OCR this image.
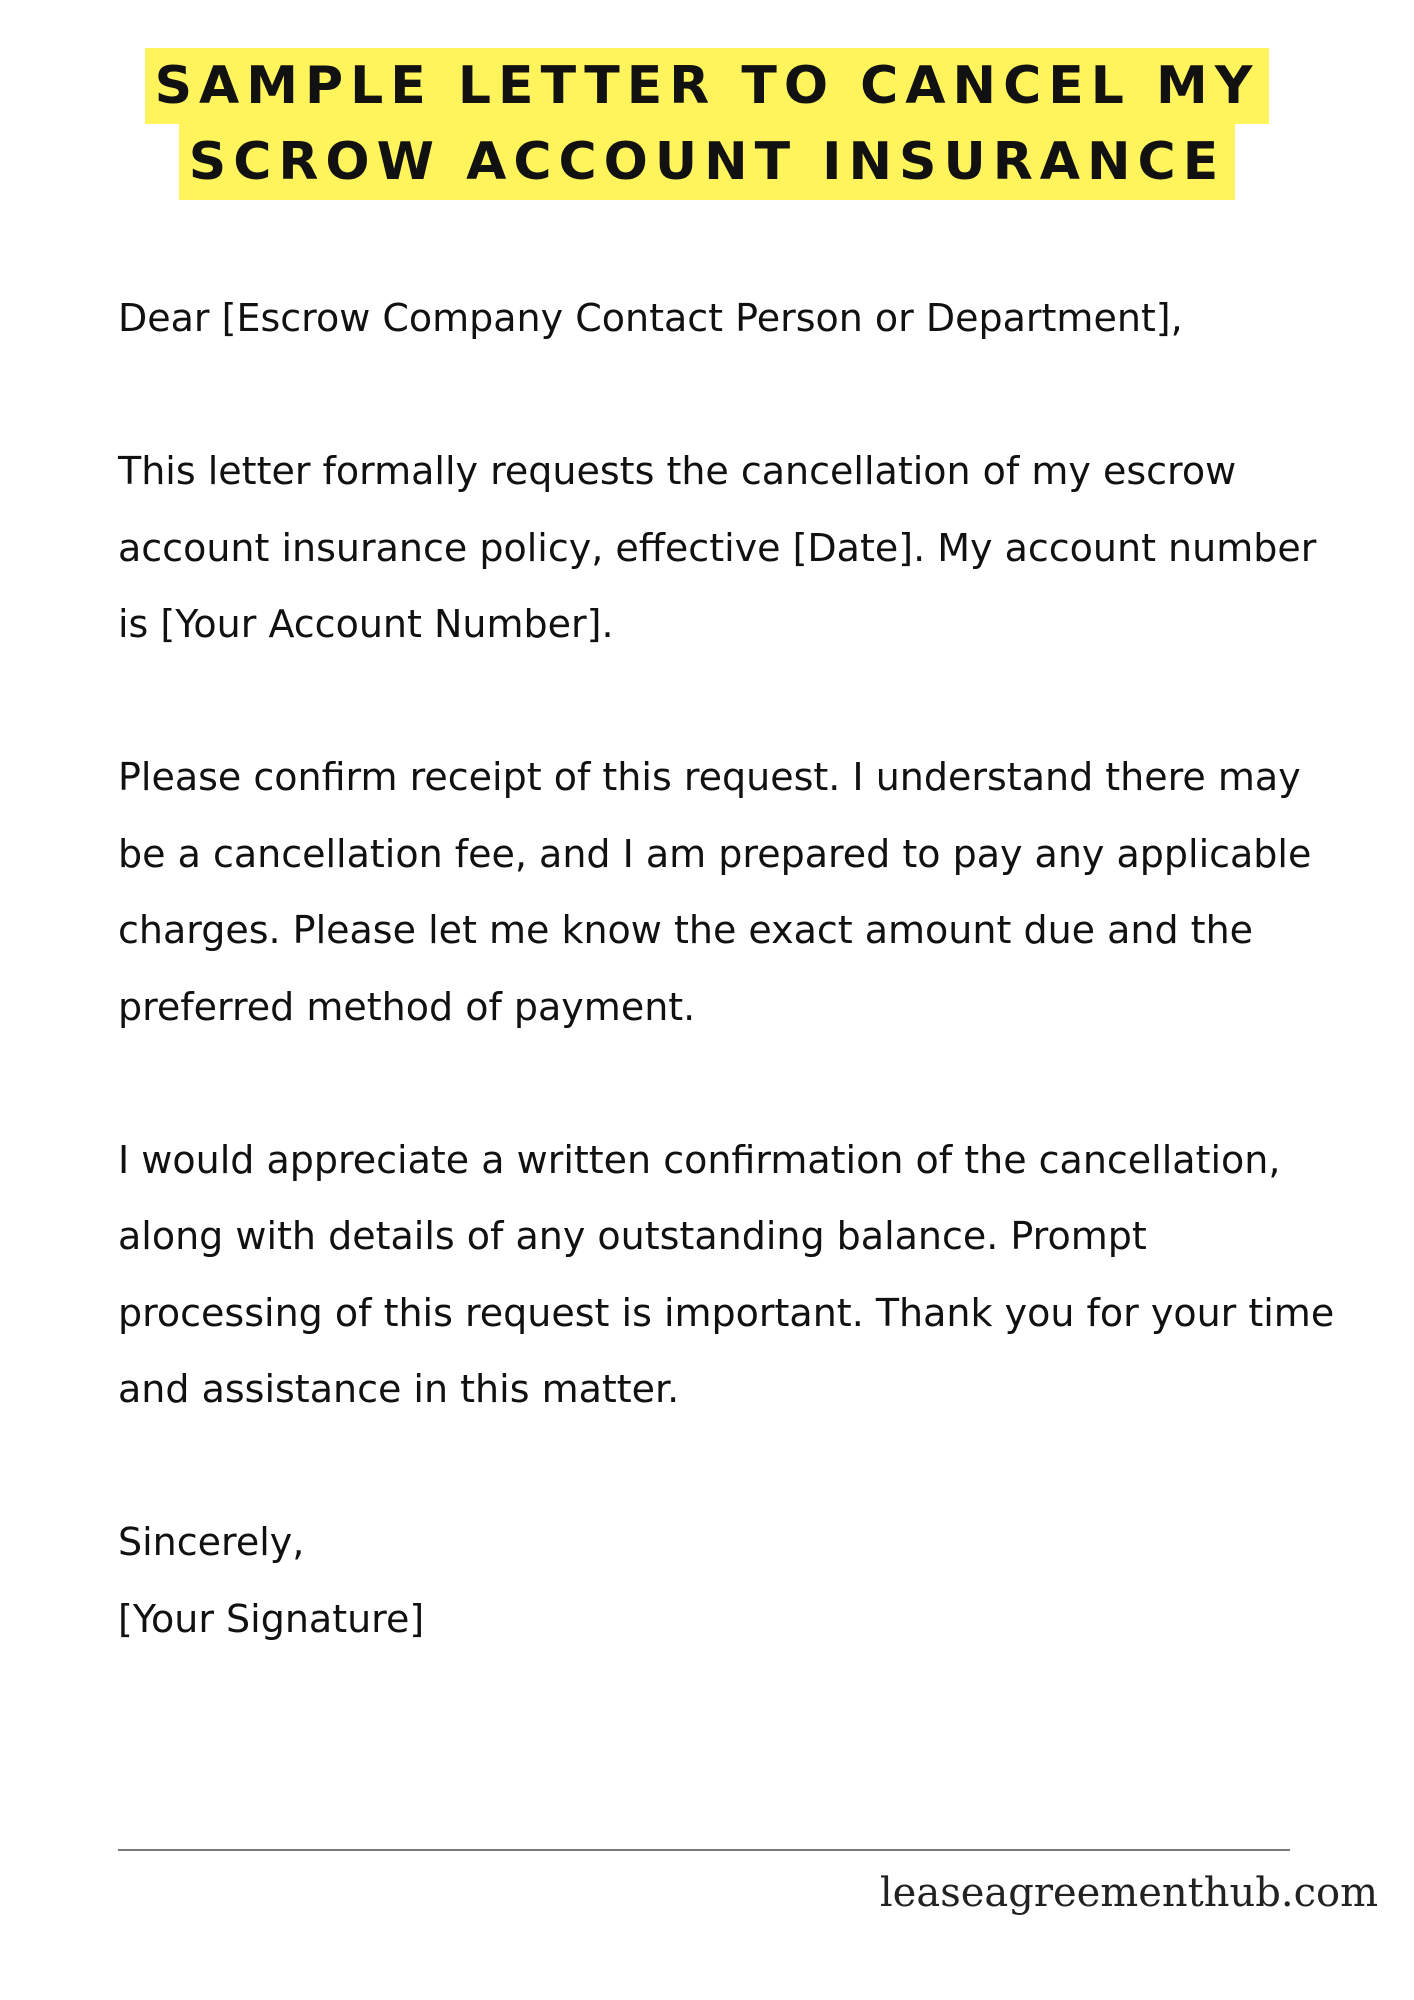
SAMPLE LETTER TO CANCEL MY
SCROW ACCOUNT INSURANCE

Dear [Escrow Company Contact Person or Department],

This letter formally requests the cancellation of my escrow account insurance policy, effective [Date]. My account number is [Your Account Number].

Please confirm receipt of this request. I understand there may be a cancellation fee, and I am prepared to pay any applicable charges. Please let me know the exact amount due and the preferred method of payment.

I would appreciate a written confirmation of the cancellation, along with details of any outstanding balance. Prompt processing of this request is important. Thank you for your time and assistance in this matter.

Sincerely,
[Your Signature]

leaseagreementhub.com
